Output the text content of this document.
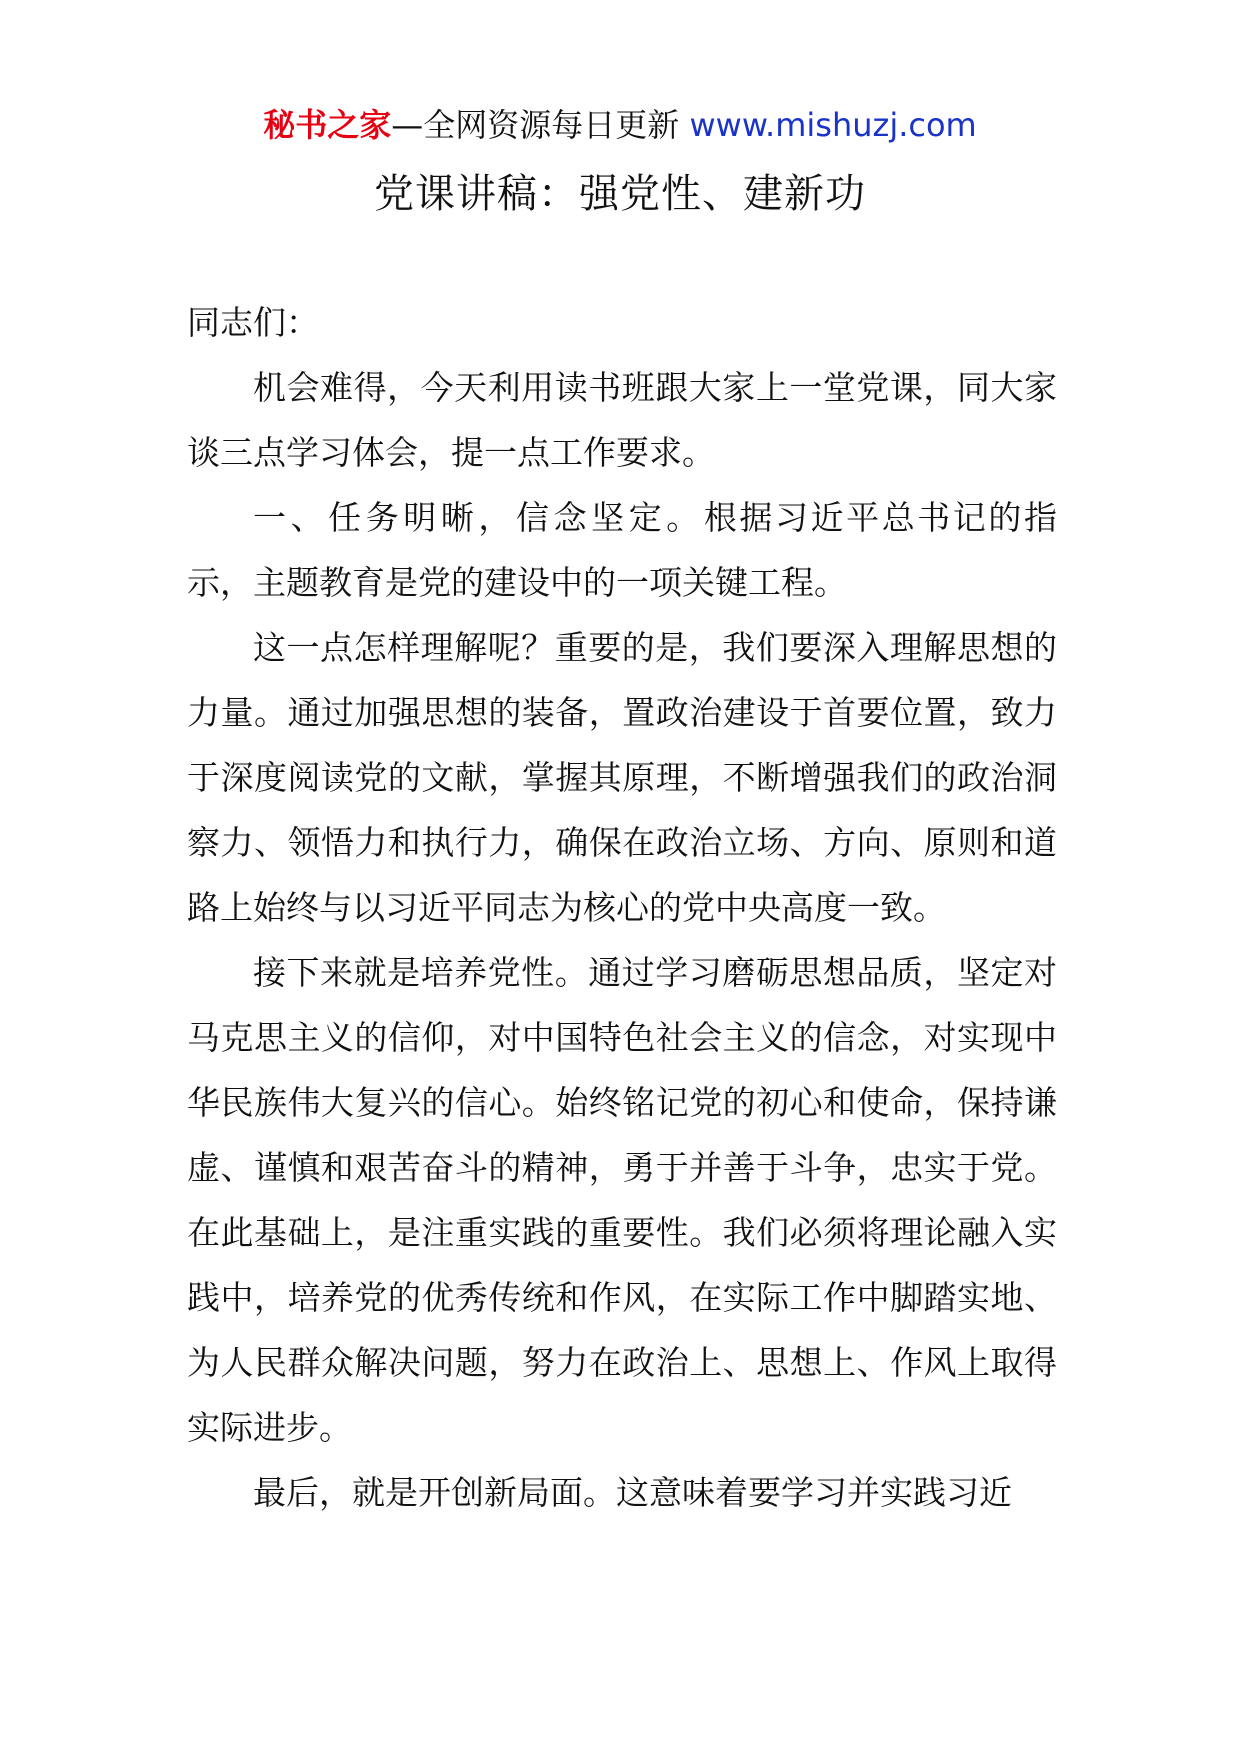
秘书之家—全网资源每日更新 www.mishuzj.com
党课讲稿：强党性、建新功

同志们：

机会难得，今天利用读书班跟大家上一堂党课，同大家谈三点学习体会，提一点工作要求。

一、任务明晰，信念坚定。根据习近平总书记的指示，主题教育是党的建设中的一项关键工程。

这一点怎样理解呢？重要的是，我们要深入理解思想的力量。通过加强思想的装备，置政治建设于首要位置，致力于深度阅读党的文献，掌握其原理，不断增强我们的政治洞察力、领悟力和执行力，确保在政治立场、方向、原则和道路上始终与以习近平同志为核心的党中央高度一致。

接下来就是培养党性。通过学习磨砺思想品质，坚定对马克思主义的信仰，对中国特色社会主义的信念，对实现中华民族伟大复兴的信心。始终铭记党的初心和使命，保持谦虚、谨慎和艰苦奋斗的精神，勇于并善于斗争，忠实于党。在此基础上，是注重实践的重要性。我们必须将理论融入实践中，培养党的优秀传统和作风，在实际工作中脚踏实地、为人民群众解决问题，努力在政治上、思想上、作风上取得实际进步。

最后，就是开创新局面。这意味着要学习并实践习近
